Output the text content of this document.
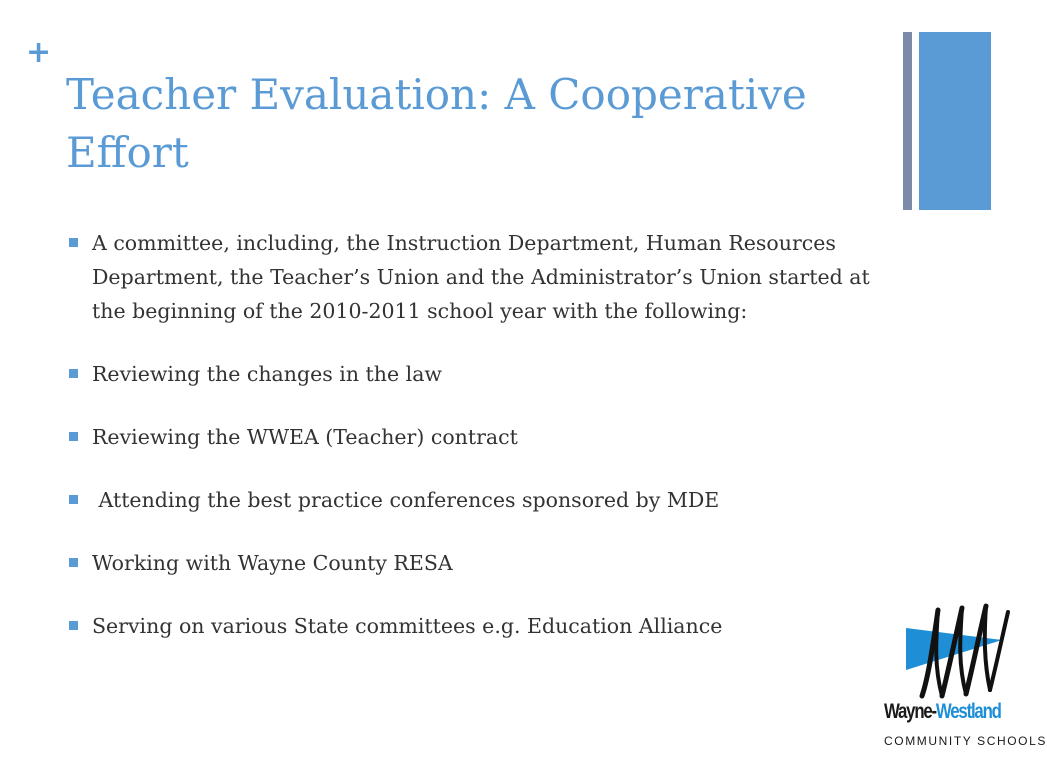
+
Teacher Evaluation: A Cooperative Effort
A committee, including, the Instruction Department, Human Resources Department, the Teacher’s Union and the Administrator’s Union started at the beginning of the 2010-2011 school year with the following:
Reviewing the changes in the law
Reviewing the WWEA (Teacher) contract
Attending the best practice conferences sponsored by MDE
Working with Wayne County RESA
Serving on various State committees e.g. Education Alliance
Wayne-Westland
COMMUNITY SCHOOLS
